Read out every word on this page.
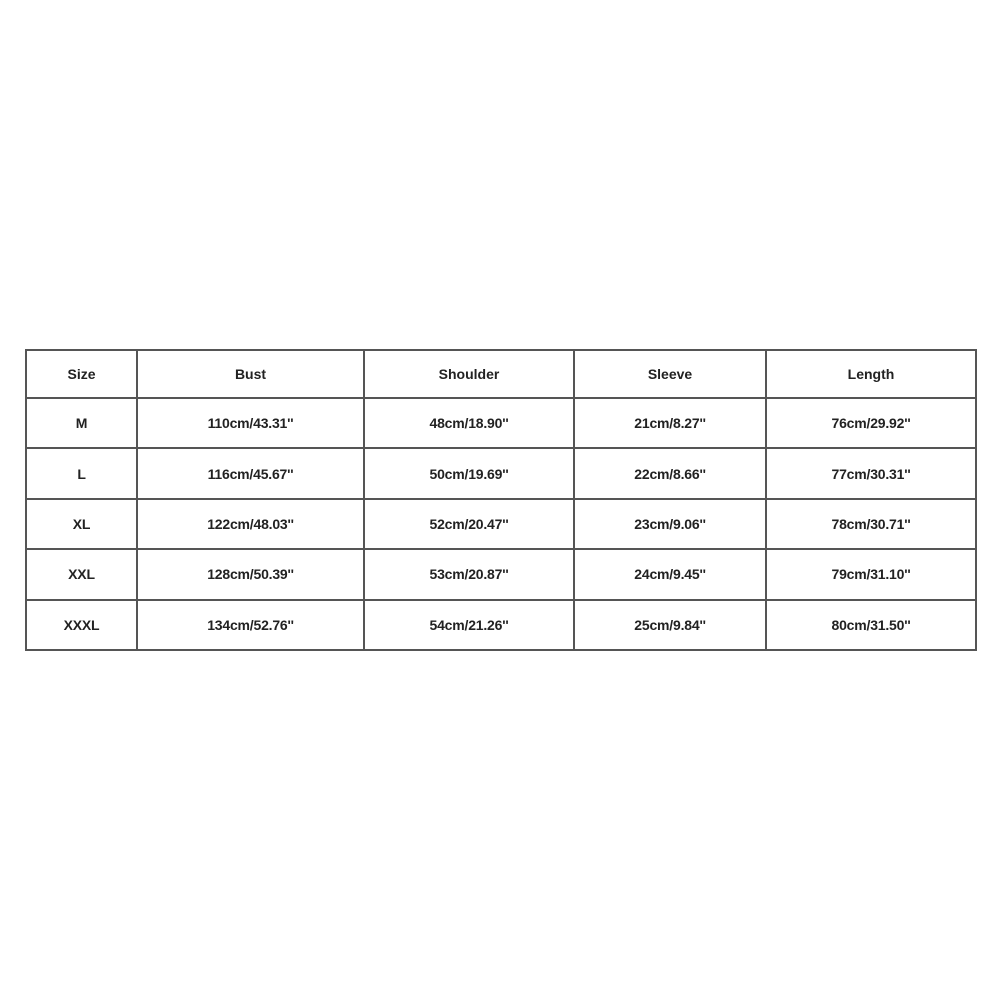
Size	Bust	Shoulder	Sleeve	Length
M	110cm/43.31''	48cm/18.90''	21cm/8.27''	76cm/29.92''
L	116cm/45.67''	50cm/19.69''	22cm/8.66''	77cm/30.31''
XL	122cm/48.03''	52cm/20.47''	23cm/9.06''	78cm/30.71''
XXL	128cm/50.39''	53cm/20.87''	24cm/9.45''	79cm/31.10''
XXXL	134cm/52.76''	54cm/21.26''	25cm/9.84''	80cm/31.50''
